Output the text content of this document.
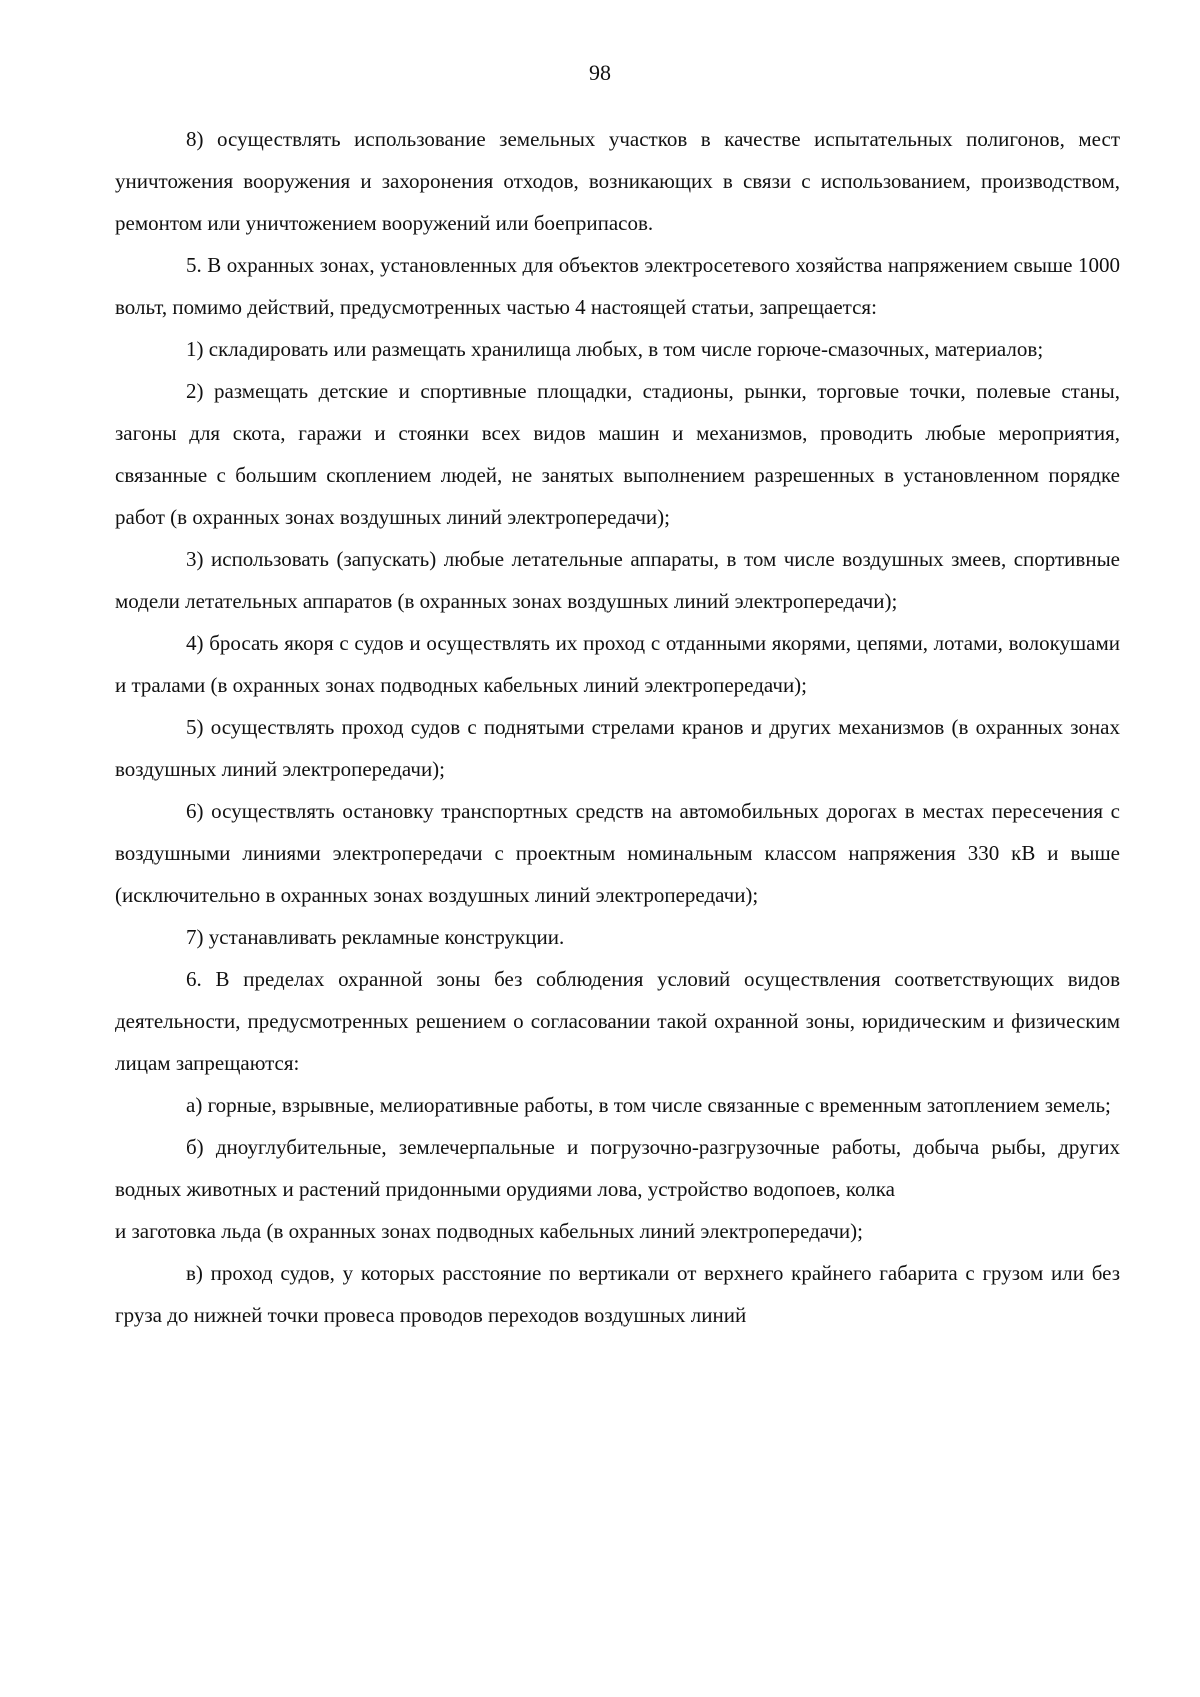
98

8) осуществлять использование земельных участков в качестве испытательных полигонов, мест уничтожения вооружения и захоронения отходов, возникающих в связи с использованием, производством, ремонтом или уничтожением вооружений или боеприпасов.

5. В охранных зонах, установленных для объектов электросетевого хозяйства напряжением свыше 1000 вольт, помимо действий, предусмотренных частью 4 настоящей статьи, запрещается:

1) складировать или размещать хранилища любых, в том числе горюче-смазочных, материалов;

2) размещать детские и спортивные площадки, стадионы, рынки, торговые точки, полевые станы, загоны для скота, гаражи и стоянки всех видов машин и механизмов, проводить любые мероприятия, связанные с большим скоплением людей, не занятых выполнением разрешенных в установленном порядке работ (в охранных зонах воздушных линий электропередачи);

3) использовать (запускать) любые летательные аппараты, в том числе воздушных змеев, спортивные модели летательных аппаратов (в охранных зонах воздушных линий электропередачи);

4) бросать якоря с судов и осуществлять их проход с отданными якорями, цепями, лотами, волокушами и тралами (в охранных зонах подводных кабельных линий электропередачи);

5) осуществлять проход судов с поднятыми стрелами кранов и других механизмов (в охранных зонах воздушных линий электропередачи);

6) осуществлять остановку транспортных средств на автомобильных дорогах в местах пересечения с воздушными линиями электропередачи с проектным номинальным классом напряжения 330 кВ и выше (исключительно в охранных зонах воздушных линий электропередачи);

7) устанавливать рекламные конструкции.

6. В пределах охранной зоны без соблюдения условий осуществления соответствующих видов деятельности, предусмотренных решением о согласовании такой охранной зоны, юридическим и физическим лицам запрещаются:

а) горные, взрывные, мелиоративные работы, в том числе связанные с временным затоплением земель;

б) дноуглубительные, землечерпальные и погрузочно-разгрузочные работы, добыча рыбы, других водных животных и растений придонными орудиями лова, устройство водопоев, колка

и заготовка льда (в охранных зонах подводных кабельных линий электропередачи);

в) проход судов, у которых расстояние по вертикали от верхнего крайнего габарита с грузом или без груза до нижней точки провеса проводов переходов воздушных линий
